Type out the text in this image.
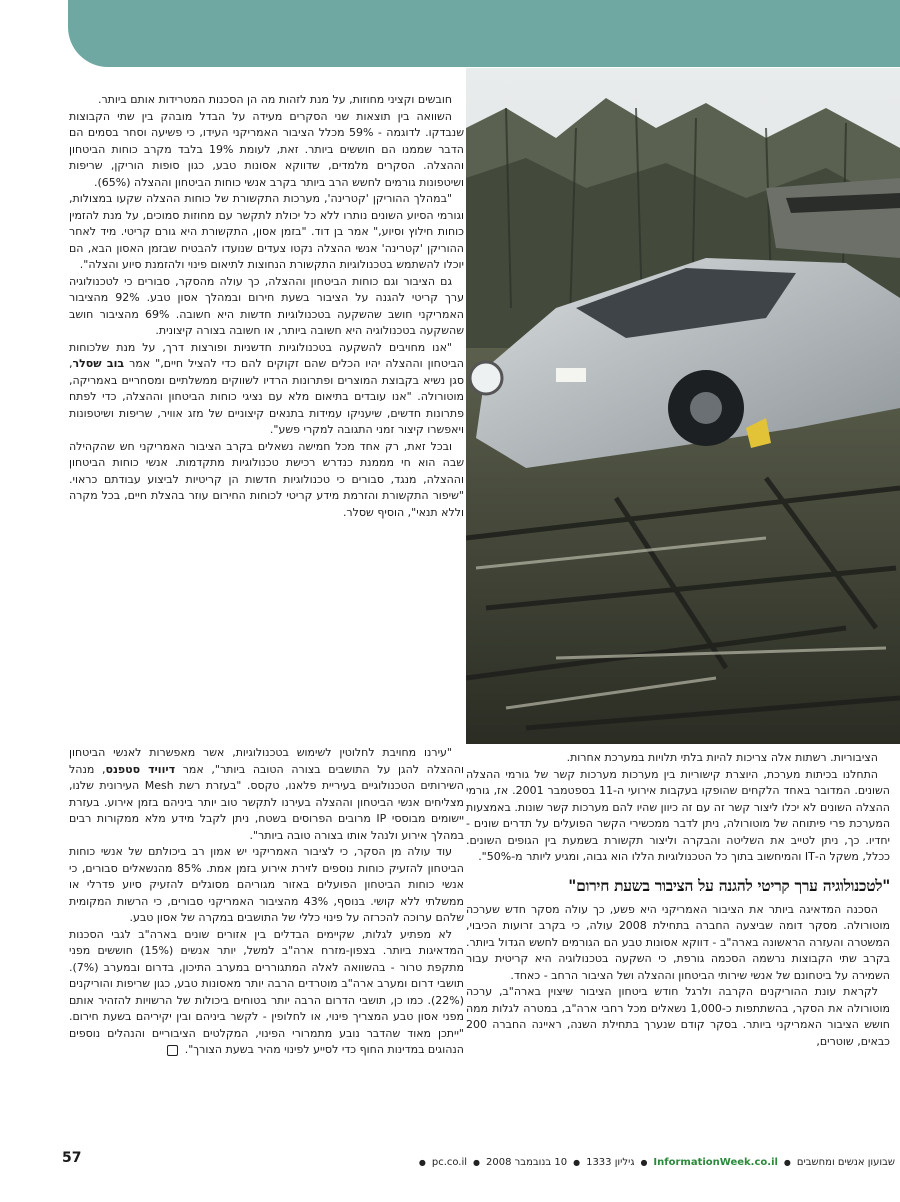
חובשים וקציני מחוזות, על מנת לזהות מה הן הסכנות המטרידות אותם ביותר.

השוואה בין תוצאות שני הסקרים מעידה על הבדל מובהק בין שתי הקבוצות שנבדקו. לדוגמה - 59% מכלל הציבור האמריקני העידו, כי פשיעה וסחר בסמים הם הדבר שממנו הם חוששים ביותר. זאת, לעומת 19% בלבד מקרב כוחות הביטחון וההצלה. הסקרים מלמדים, שדווקא אסונות טבע, כגון סופות הוריקן, שריפות ושיטפונות גורמים לחשש הרב ביותר בקרב אנשי כוחות הביטחון וההצלה (65%).

"במהלך ההוריקן 'קטרינה', מערכות התקשורת של כוחות ההצלה שקעו במצולות, וגורמי הסיוע השונים נותרו ללא כל יכולת לתקשר עם מחוזות סמוכים, על מנת להזמין כוחות חילוץ וסיוע," אמר בן דוד. "בזמן אסון, התקשורת היא גורם קריטי. מיד לאחר ההוריקן 'קטרינה' אנשי ההצלה נקטו צעדים שנועדו להבטיח שבזמן האסון הבא, הם יוכלו להשתמש בטכנולוגיות התקשורת הנחוצות לתיאום פינוי ולהזמנת סיוע והצלה".

גם הציבור וגם כוחות הביטחון וההצלה, כך עולה מהסקר, סבורים כי לטכנולוגיה ערך קריטי להגנה על הציבור בשעת חירום ובמהלך אסון טבע. 92% מהציבור האמריקני חושב שהשקעה בטכנולוגיות חדשות היא חשובה. 69% מהציבור חושב שהשקעה בטכנולוגיה היא חשובה ביותר, או חשובה בצורה קיצונית.

"אנו מחויבים להשקעה בטכנולוגיות חדשניות ופורצות דרך, על מנת שלכוחות הביטחון וההצלה יהיו הכלים שהם זקוקים להם כדי להציל חיים," אמר בוב שסלר, סגן נשיא בקבוצת המוצרים ופתרונות הרדיו לשווקים ממשלתיים ומסחריים באמריקה, מוטורולה. "אנו עובדים בתיאום מלא עם נציגי כוחות הביטחון וההצלה, כדי לפתח פתרונות חדשים, שיעניקו עמידות בתנאים קיצוניים של מזג אוויר, שריפות ושיטפונות ויאפשרו קיצור זמני התגובה למקרי פשע".

ובכל זאת, רק אחד מכל חמישה נשאלים בקרב הציבור האמריקני חש שהקהילה שבה הוא חי מממנת כנדרש רכישת טכנולוגיות מתקדמות. אנשי כוחות הביטחון וההצלה, מנגד, סבורים כי טכנולוגיות חדשות הן קריטיות לביצוע עבודתם כראוי. "שיפור התקשורת והזרמת מידע קריטי לכוחות החירום עוזר בהצלת חיים, בכל מקרה וללא תנאי", הוסיף שסלר.

"עירנו מחויבת לחלוטין לשימוש בטכנולוגיות, אשר מאפשרות לאנשי הביטחון וההצלה להגן על התושבים בצורה הטובה ביותר", אמר דיוויד סטפנס, מנהל השירותים הטכנולוגיים בעיריית פלאנו, טקסס. "בעזרת רשת Mesh העירונית שלנו, מצליחים אנשי הביטחון וההצלה בעירנו לתקשר טוב יותר ביניהם בזמן אירוע. בעזרת יישומים מבוססי IP מרובים הפרוסים בשטח, ניתן לקבל מידע מלא ממקורות רבים במהלך אירוע ולנהל אותו בצורה טובה ביותר".

עוד עולה מן הסקר, כי לציבור האמריקני יש אמון רב ביכולתם של אנשי כוחות הביטחון להזעיק כוחות נוספים לזירת אירוע בזמן אמת. 85% מהנשאלים סבורים, כי אנשי כוחות הביטחון הפועלים באזור מגוריהם מסוגלים להזעיק סיוע פדרלי או ממשלתי ללא קושי. בנוסף, 43% מהציבור האמריקני סבורים, כי הרשות המקומית שלהם ערוכה להכרזה על פינוי כללי של התושבים במקרה של אסון טבע.

לא מפתיע לגלות, שקיימים הבדלים בין אזורים שונים בארה"ב לגבי הסכנות המדאיגות ביותר. בצפון-מזרח ארה"ב למשל, יותר אנשים (15%) חוששים מפני מתקפת טרור - בהשוואה לאלה המתגוררים במערב התיכון, בדרום ובמערב (7%). תושבי דרום ומערב ארה"ב מוטרדים הרבה יותר מאסונות טבע, כגון שריפות והוריקנים (22%). כמו כן, תושבי הדרום הרבה יותר בטוחים ביכולות של הרשויות להזהיר אותם מפני אסון טבע המצריך פינוי, או לחלופין - לקשר ביניהם ובין יקיריהם בשעת חירום. "ייתכן מאוד שהדבר נובע מתמרורי הפינוי, המקלטים הציבוריים והנהלים נוספים הנהוגים במדינות החוף כדי לסייע לפינוי מהיר בשעת הצורך".

הציבוריות. רשתות אלה צריכות להיות בלתי תלויות במערכת אחרות.

התחלנו בכיתות מערכת, היוצרת קישוריות בין מערכות מערכות קשר של גורמי ההצלה השונים. המדובר באחד הלקחים שהופקו בעקבות אירועי ה-11 בספטמבר 2001. אז, גורמי ההצלה השונים לא יכלו ליצור קשר זה עם זה כיוון שהיו להם מערכות קשר שונות. באמצעות המערכת פרי פיתוחה של מוטורולה, ניתן לדבר ממכשירי הקשר הפועלים על תדרים שונים - יחדיו. כך, ניתן לטייב את השליטה והבקרה וליצור תקשורת בשמעת בין הגופים השונים. ככלל, משקל ה-IT והמיחשוב בתוך כל הטכנולוגיות הללו הוא גבוה, ומגיע ליותר מ-50%".

"לטכנולוגיה ערך קריטי להגנה על הציבור בשעת חירום"

הסכנה המדאיגה ביותר את הציבור האמריקני היא פשע, כך עולה מסקר חדש שערכה מוטורולה. מסקר דומה שביצעה החברה בתחילת 2008 עולה, כי בקרב זרועות הכיבוי, המשטרה והעזרה הראשונה בארה"ב - דווקא אסונות טבע הם הגורמים לחשש הגדול ביותר. בקרב שתי הקבוצות נרשמה הסכמה גורפת, כי השקעה בטכנולוגיה היא קריטית עבור השמירה על ביטחונם של אנשי שירותי הביטחון וההצלה ושל הציבור הרחב - כאחד.

לקראת עונת ההוריקנים הקרבה ולרגל חודש ביטחון הציבור שיצוין בארה"ב, ערכה מוטורולה את הסקר, בהשתתפות כ-1,000 נשאלים מכל רחבי ארה"ב, במטרה לגלות ממה חושש הציבור האמריקני ביותר. בסקר קודם שנערך בתחילת השנה, ראיינה החברה 200 כבאים, שוטרים,

שבועון אנשים ומחשבים
●
InformationWeek.co.il
●
גיליון 1333
●
10 בנובמבר 2008
●
pc.co.il
●
57
